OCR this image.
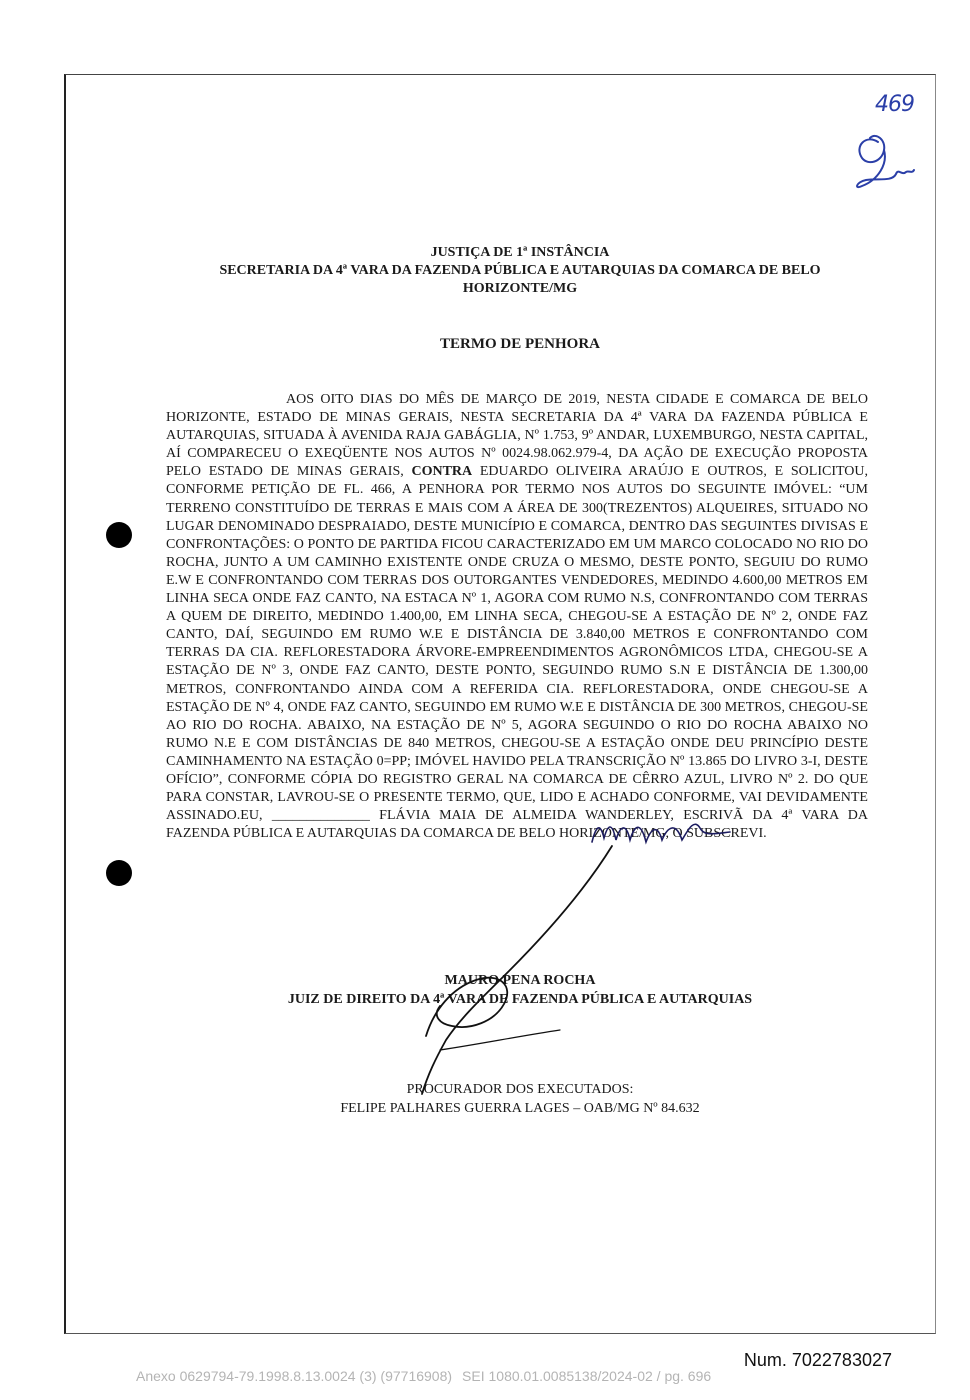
469
JUSTIÇA DE 1ª INSTÂNCIA
SECRETARIA DA 4ª VARA DA FAZENDA PÚBLICA E AUTARQUIAS DA COMARCA DE BELO HORIZONTE/MG
TERMO DE PENHORA

AOS OITO DIAS DO MÊS DE MARÇO DE 2019, NESTA CIDADE E COMARCA DE BELO HORIZONTE, ESTADO DE MINAS GERAIS, NESTA SECRETARIA DA 4ª VARA DA FAZENDA PÚBLICA E AUTARQUIAS, SITUADA À AVENIDA RAJA GABÁGLIA, Nº 1.753, 9º ANDAR, LUXEMBURGO, NESTA CAPITAL, AÍ COMPARECEU O EXEQÜENTE NOS AUTOS Nº 0024.98.062.979-4, DA AÇÃO DE EXECUÇÃO PROPOSTA PELO ESTADO DE MINAS GERAIS, CONTRA EDUARDO OLIVEIRA ARAÚJO E OUTROS, E SOLICITOU, CONFORME PETIÇÃO DE FL. 466, A PENHORA POR TERMO NOS AUTOS DO SEGUINTE IMÓVEL: “UM TERRENO CONSTITUÍDO DE TERRAS E MAIS COM A ÁREA DE 300(TREZENTOS) ALQUEIRES, SITUADO NO LUGAR DENOMINADO DESPRAIADO, DESTE MUNICÍPIO E COMARCA, DENTRO DAS SEGUINTES DIVISAS E CONFRONTAÇÕES: O PONTO DE PARTIDA FICOU CARACTERIZADO EM UM MARCO COLOCADO NO RIO DO ROCHA, JUNTO A UM CAMINHO EXISTENTE ONDE CRUZA O MESMO, DESTE PONTO, SEGUIU DO RUMO E.W E CONFRONTANDO COM TERRAS DOS OUTORGANTES VENDEDORES, MEDINDO 4.600,00 METROS EM LINHA SECA ONDE FAZ CANTO, NA ESTACA Nº 1, AGORA COM RUMO N.S, CONFRONTANDO COM TERRAS A QUEM DE DIREITO, MEDINDO 1.400,00, EM LINHA SECA, CHEGOU-SE A ESTAÇÃO DE Nº 2, ONDE FAZ CANTO, DAÍ, SEGUINDO EM RUMO W.E E DISTÂNCIA DE 3.840,00 METROS E CONFRONTANDO COM TERRAS DA CIA. REFLORESTADORA ÁRVORE-EMPREENDIMENTOS AGRONÔMICOS LTDA, CHEGOU-SE A ESTAÇÃO DE Nº 3, ONDE FAZ CANTO, DESTE PONTO, SEGUINDO RUMO S.N E DISTÂNCIA DE 1.300,00 METROS, CONFRONTANDO AINDA COM A REFERIDA CIA. REFLORESTADORA, ONDE CHEGOU-SE A ESTAÇÃO DE Nº 4, ONDE FAZ CANTO, SEGUINDO EM RUMO W.E E DISTÂNCIA DE 300 METROS, CHEGOU-SE AO RIO DO ROCHA. ABAIXO, NA ESTAÇÃO DE Nº 5, AGORA SEGUINDO O RIO DO ROCHA ABAIXO NO RUMO N.E E COM DISTÂNCIAS DE 840 METROS, CHEGOU-SE A ESTAÇÃO ONDE DEU PRINCÍPIO DESTE CAMINHAMENTO NA ESTAÇÃO 0=PP; IMÓVEL HAVIDO PELA TRANSCRIÇÃO Nº 13.865 DO LIVRO 3-I, DESTE OFÍCIO”, CONFORME CÓPIA DO REGISTRO GERAL NA COMARCA DE CÊRRO AZUL, LIVRO Nº 2. DO QUE PARA CONSTAR, LAVROU-SE O PRESENTE TERMO, QUE, LIDO E ACHADO CONFORME, VAI DEVIDAMENTE ASSINADO.EU, ______________ FLÁVIA MAIA DE ALMEIDA WANDERLEY, ESCRIVÃ DA 4ª VARA DA FAZENDA PÚBLICA E AUTARQUIAS DA COMARCA DE BELO HORIZONTE/MG, O SUBSCREVI.

MAURO PENA ROCHA
JUIZ DE DIREITO DA 4ª VARA DE FAZENDA PÚBLICA E AUTARQUIAS
PROCURADOR DOS EXECUTADOS:
FELIPE PALHARES GUERRA LAGES – OAB/MG Nº 84.632
Num. 7022783027
Anexo 0629794-79.1998.8.13.0024 (3) (97716908) SEI 1080.01.0085138/2024-02 / pg. 696
